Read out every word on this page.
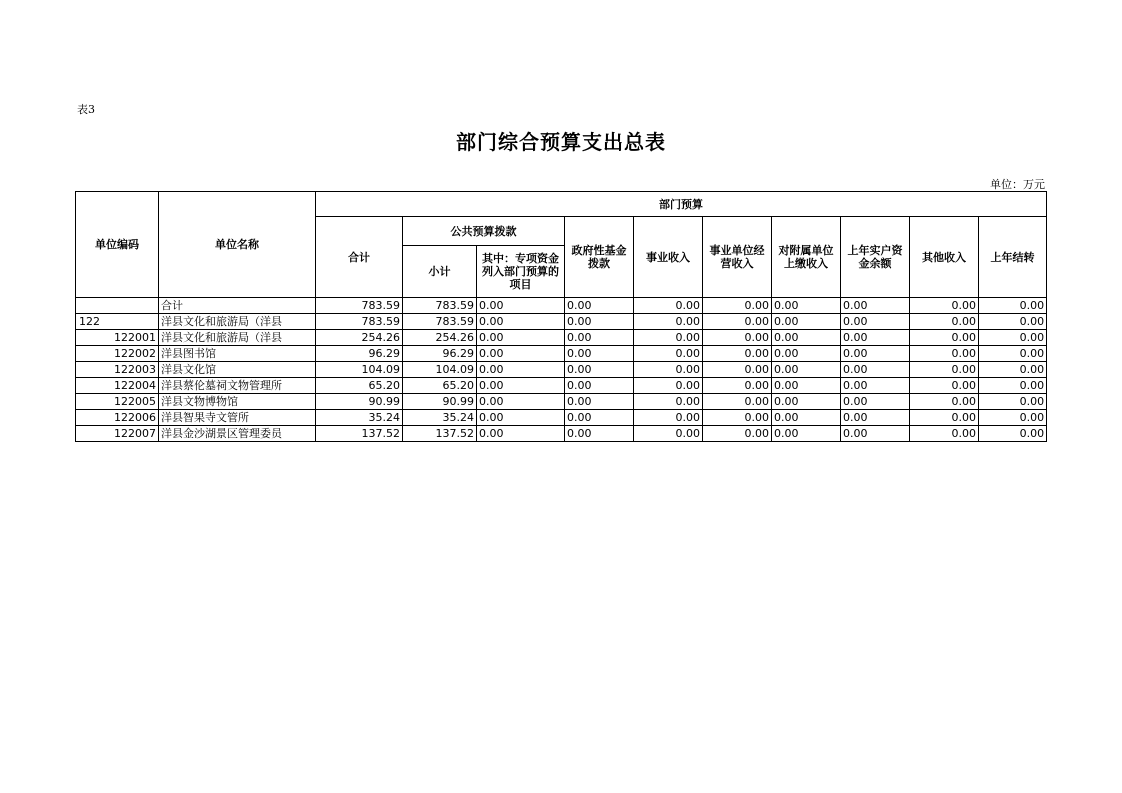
表3
部门综合预算支出总表
单位：万元
单位编码	单位名称	部门预算									
		合计	公共预算拨款		政府性基金拨款	事业收入	事业单位经营收入	对附属单位上缴收入	上年实户资金余额	其他收入	上年结转
			小计	其中：专项资金列入部门预算的项目							
	合计	783.59	783.59	0.00	0.00	0.00	0.00	0.00	0.00	0.00	0.00
122	洋县文化和旅游局（洋县	783.59	783.59	0.00	0.00	0.00	0.00	0.00	0.00	0.00	0.00
122001	洋县文化和旅游局（洋县	254.26	254.26	0.00	0.00	0.00	0.00	0.00	0.00	0.00	0.00
122002	洋县图书馆	96.29	96.29	0.00	0.00	0.00	0.00	0.00	0.00	0.00	0.00
122003	洋县文化馆	104.09	104.09	0.00	0.00	0.00	0.00	0.00	0.00	0.00	0.00
122004	洋县蔡伦墓祠文物管理所	65.20	65.20	0.00	0.00	0.00	0.00	0.00	0.00	0.00	0.00
122005	洋县文物博物馆	90.99	90.99	0.00	0.00	0.00	0.00	0.00	0.00	0.00	0.00
122006	洋县智果寺文管所	35.24	35.24	0.00	0.00	0.00	0.00	0.00	0.00	0.00	0.00
122007	洋县金沙湖景区管理委员	137.52	137.52	0.00	0.00	0.00	0.00	0.00	0.00	0.00	0.00
